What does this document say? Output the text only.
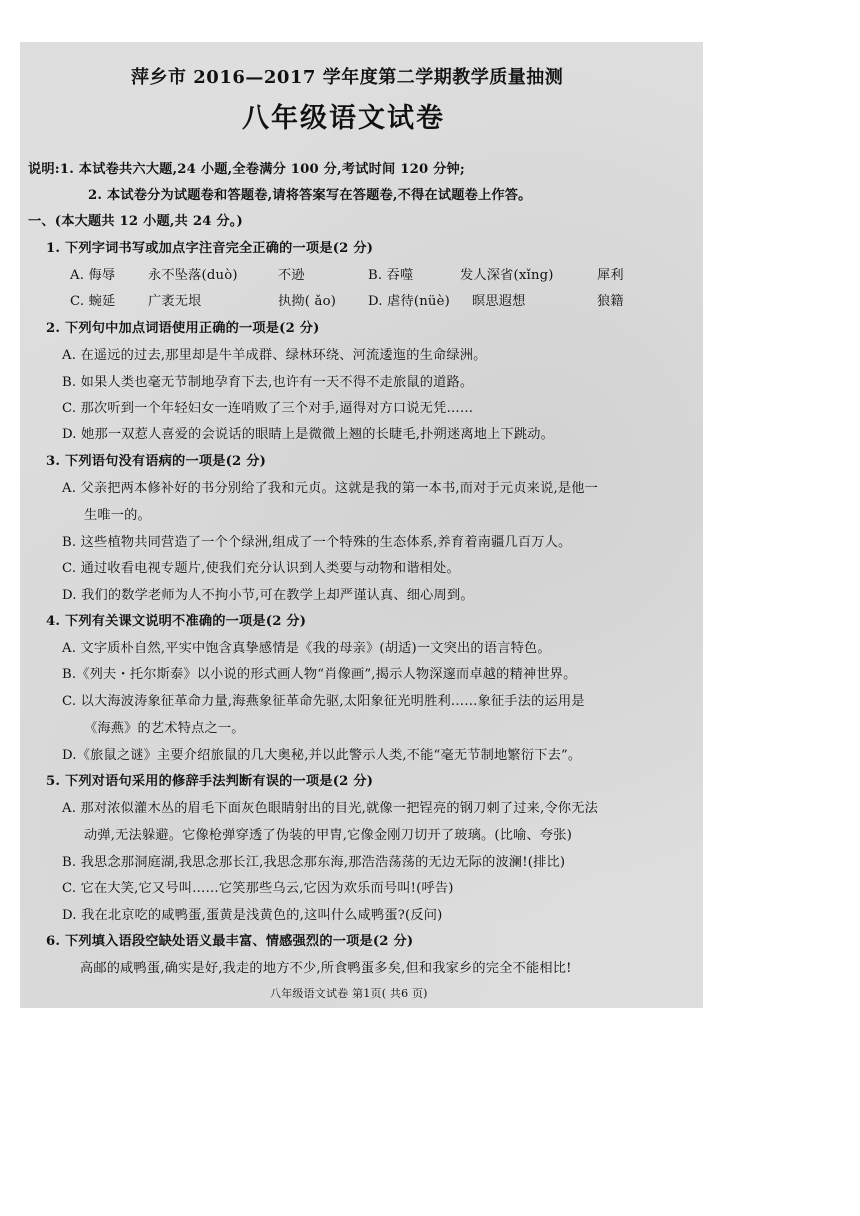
萍乡市 2016—2017 学年度第二学期教学质量抽测
八年级语文试卷
说明:1. 本试卷共六大题,24 小题,全卷满分 100 分,考试时间 120 分钟;
2. 本试卷分为试题卷和答题卷,请将答案写在答题卷,不得在试题卷上作答。
一、(本大题共 12 小题,共 24 分。)
1. 下列字词书写或加点字注音完全正确的一项是(2 分)
A. 侮辱 永不坠落(duò)	不逊	B. 吞噬	发人深省(xǐng)	犀利
C. 蜿延 广袤无垠	执拗( ǎo) D. 虐待(nüè) 暝思遐想	狼籍
2. 下列句中加点词语使用正确的一项是(2 分)
A. 在遥远的过去,那里却是牛羊成群、绿林环绕、河流逶迤的生命绿洲。
B. 如果人类也毫无节制地孕育下去,也许有一天不得不走旅鼠的道路。
C. 那次听到一个年轻妇女一连哨败了三个对手,逼得对方口说无凭……
D. 她那一双惹人喜爱的会说话的眼睛上是微微上翘的长睫毛,扑朔迷离地上下跳动。
3. 下列语句没有语病的一项是(2 分)
A. 父亲把两本修补好的书分别给了我和元贞。这就是我的第一本书,而对于元贞来说,是他一
生唯一的。
B. 这些植物共同营造了一个个绿洲,组成了一个特殊的生态体系,养育着南疆几百万人。
C. 通过收看电视专题片,使我们充分认识到人类要与动物和谐相处。
D. 我们的数学老师为人不拘小节,可在教学上却严谨认真、细心周到。
4. 下列有关课文说明不准确的一项是(2 分)
A. 文字质朴自然,平实中饱含真挚感情是《我的母亲》(胡适)一文突出的语言特色。
B.《列夫・托尔斯泰》以小说的形式画人物“肖像画”,揭示人物深邃而卓越的精神世界。
C. 以大海波涛象征革命力量,海燕象征革命先驱,太阳象征光明胜利……象征手法的运用是
《海燕》的艺术特点之一。
D.《旅鼠之谜》主要介绍旅鼠的几大奥秘,并以此警示人类,不能“毫无节制地繁衍下去”。
5. 下列对语句采用的修辞手法判断有误的一项是(2 分)
A. 那对浓似灌木丛的眉毛下面灰色眼睛射出的目光,就像一把锃亮的钢刀刺了过来,令你无法
动弹,无法躲避。它像枪弹穿透了伪装的甲胄,它像金刚刀切开了玻璃。(比喻、夸张)
B. 我思念那洞庭湖,我思念那长江,我思念那东海,那浩浩荡荡的无边无际的波澜!(排比)
C. 它在大笑,它又号叫……它笑那些乌云,它因为欢乐而号叫!(呼告)
D. 我在北京吃的咸鸭蛋,蛋黄是浅黄色的,这叫什么咸鸭蛋?(反问)
6. 下列填入语段空缺处语义最丰富、情感强烈的一项是(2 分)
高邮的咸鸭蛋,确实是好,我走的地方不少,所食鸭蛋多矣,但和我家乡的完全不能相比!
八年级语文试卷 第1页( 共6 页)
